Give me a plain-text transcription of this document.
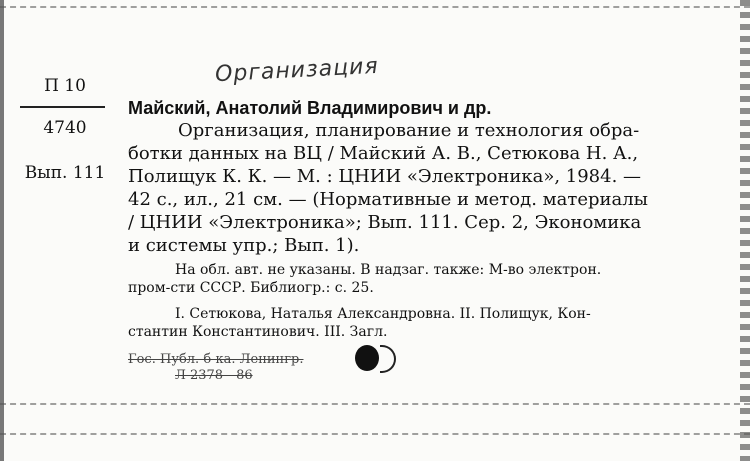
Организация
П 10
4740
Вып. 111
Майский, Анатолий Владимирович и др.
Организация, планирование и технология обра-
ботки данных на ВЦ / Майский А. В., Сетюкова Н. А.,
Полищук К. К. — М. : ЦНИИ «Электроника», 1984. —
42 с., ил., 21 см. — (Нормативные и метод. материалы
/ ЦНИИ «Электроника»; Вып. 111. Сер. 2, Экономика
и системы упр.; Вып. 1).
На обл. авт. не указаны. В надзаг. также: М-во электрон.
пром-сти СССР. Библиогр.: с. 25.
I. Сетюкова, Наталья Александровна. II. Полищук, Кон-
стантин Константинович. III. Загл.
Гос. Публ. б-ка. Ленингр.
Л 2378—86
